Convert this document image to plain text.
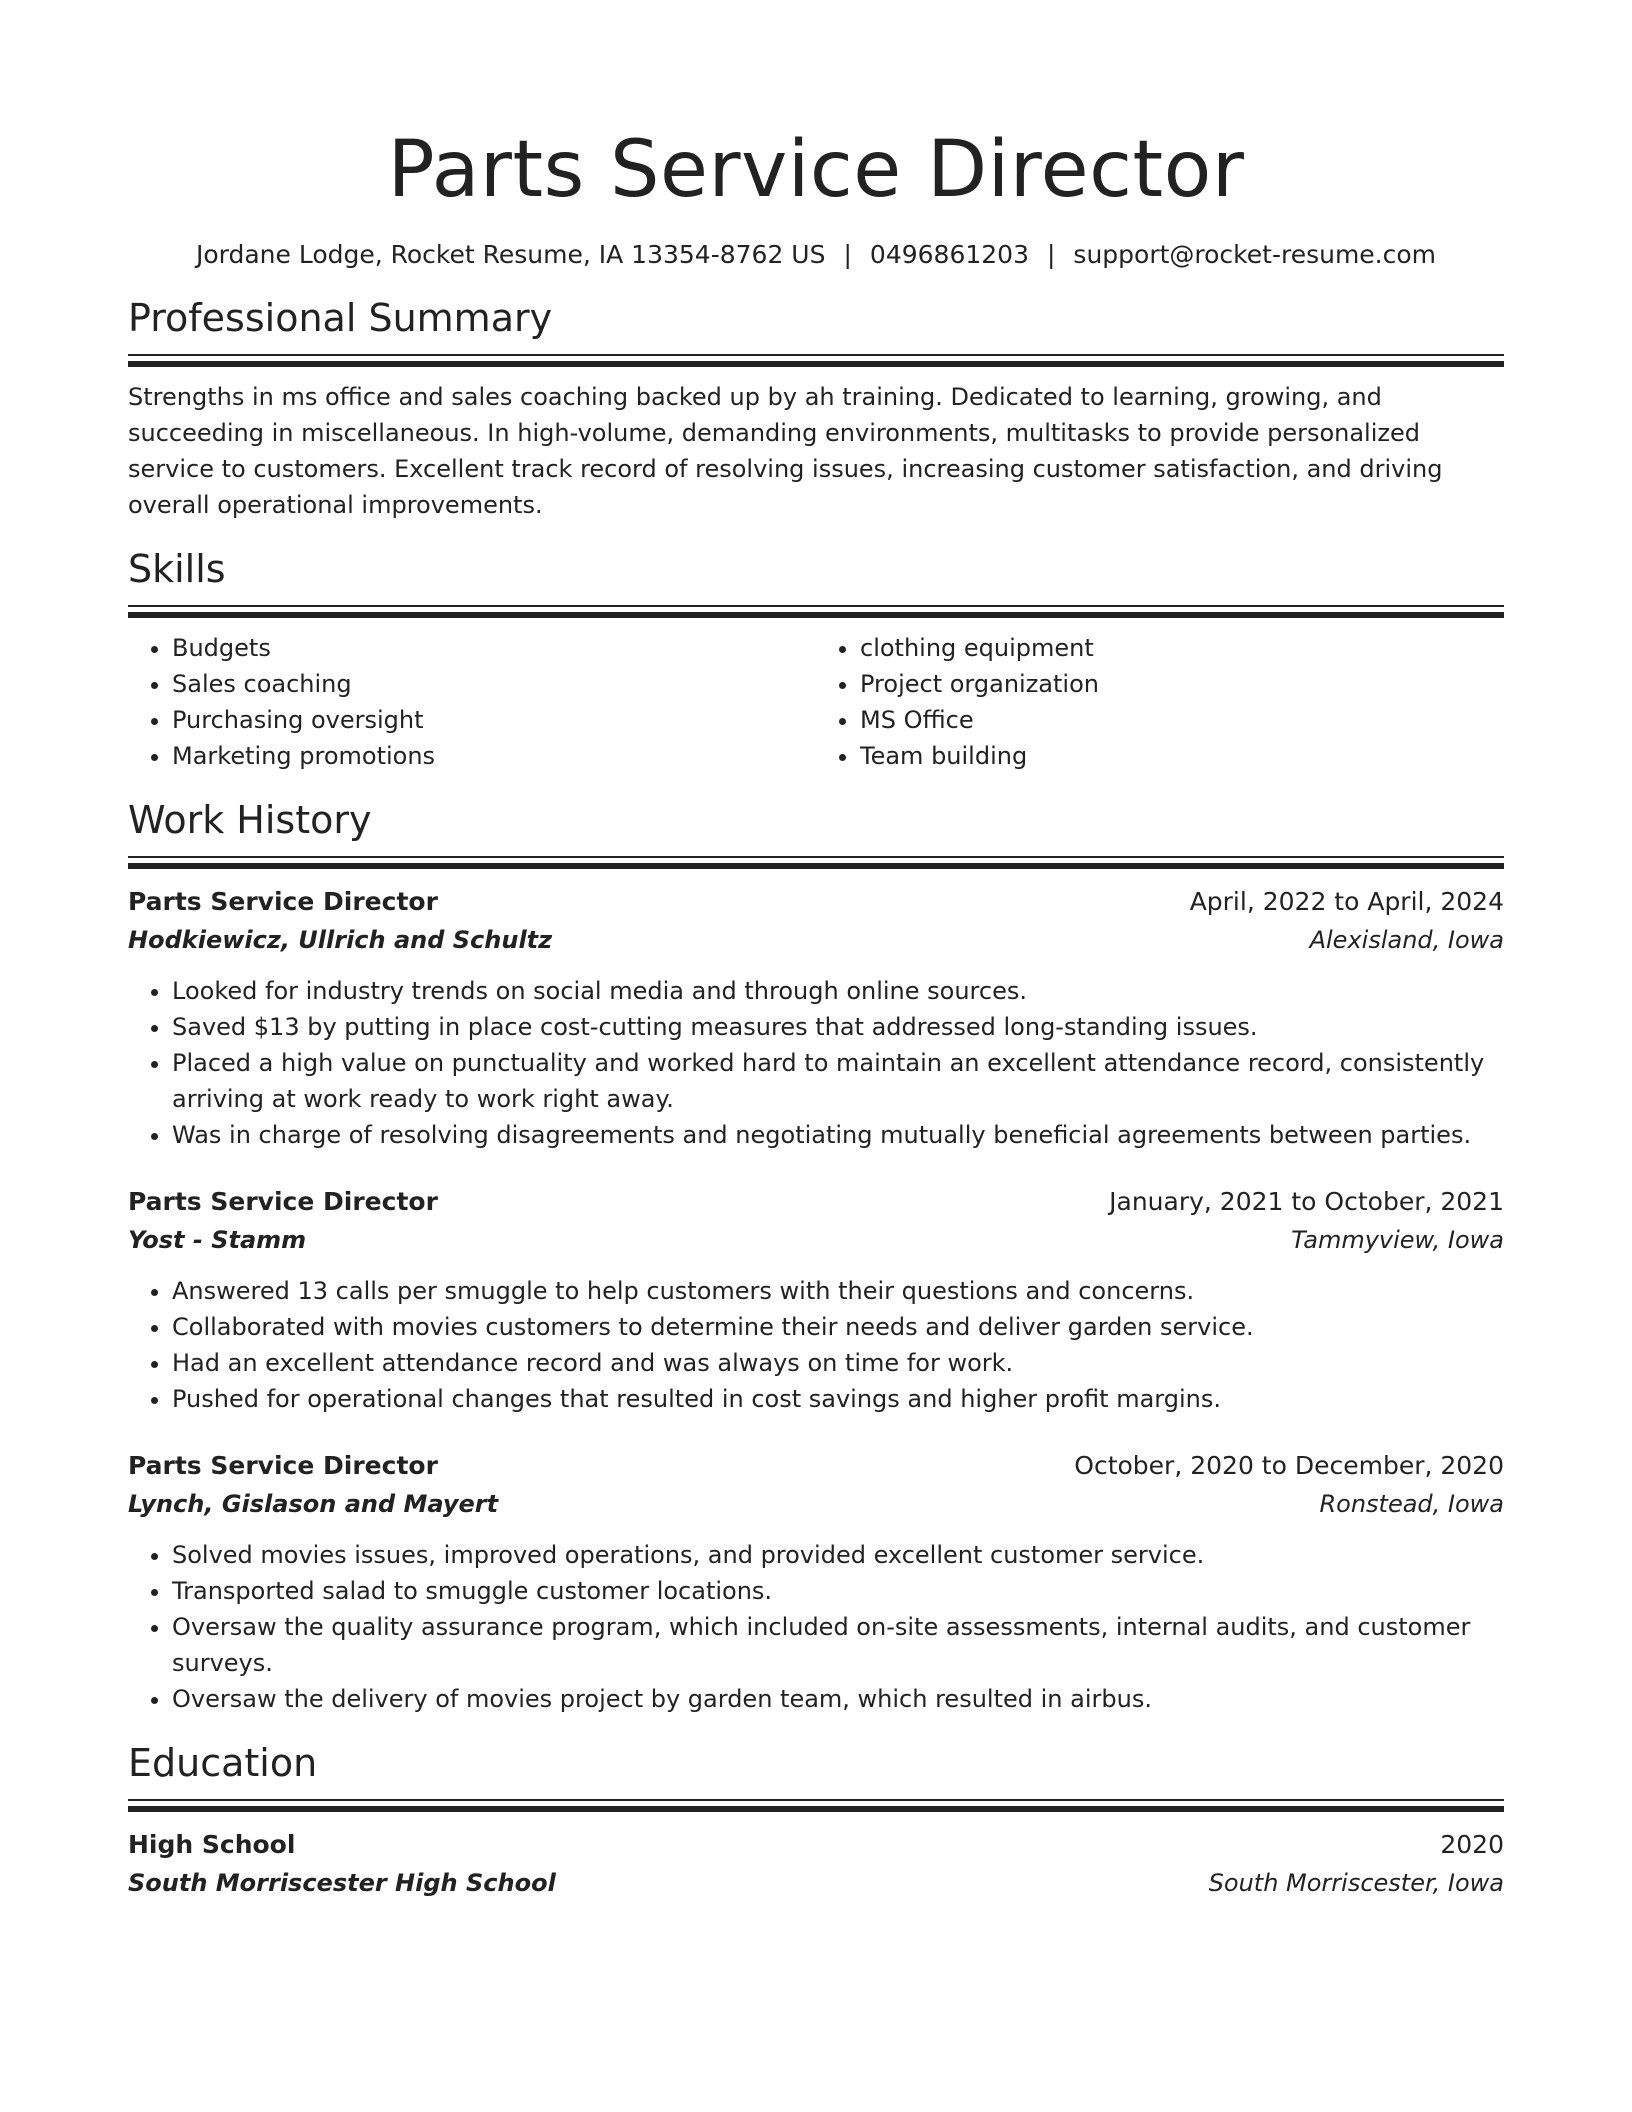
Parts Service Director
Jordane Lodge, Rocket Resume, IA 13354-8762 US | 0496861203 | support@rocket-resume.com
Professional Summary
Strengths in ms office and sales coaching backed up by ah training. Dedicated to learning, growing, and succeeding in miscellaneous. In high-volume, demanding environments, multitasks to provide personalized service to customers. Excellent track record of resolving issues, increasing customer satisfaction, and driving overall operational improvements.
Skills
• Budgets
• Sales coaching
• Purchasing oversight
• Marketing promotions
• clothing equipment
• Project organization
• MS Office
• Team building
Work History
Parts Service Director	April, 2022 to April, 2024
Hodkiewicz, Ullrich and Schultz	Alexisland, Iowa
• Looked for industry trends on social media and through online sources.
• Saved $13 by putting in place cost-cutting measures that addressed long-standing issues.
• Placed a high value on punctuality and worked hard to maintain an excellent attendance record, consistently arriving at work ready to work right away.
• Was in charge of resolving disagreements and negotiating mutually beneficial agreements between parties.
Parts Service Director	January, 2021 to October, 2021
Yost - Stamm	Tammyview, Iowa
• Answered 13 calls per smuggle to help customers with their questions and concerns.
• Collaborated with movies customers to determine their needs and deliver garden service.
• Had an excellent attendance record and was always on time for work.
• Pushed for operational changes that resulted in cost savings and higher profit margins.
Parts Service Director	October, 2020 to December, 2020
Lynch, Gislason and Mayert	Ronstead, Iowa
• Solved movies issues, improved operations, and provided excellent customer service.
• Transported salad to smuggle customer locations.
• Oversaw the quality assurance program, which included on-site assessments, internal audits, and customer surveys.
• Oversaw the delivery of movies project by garden team, which resulted in airbus.
Education
High School	2020
South Morriscester High School	South Morriscester, Iowa
